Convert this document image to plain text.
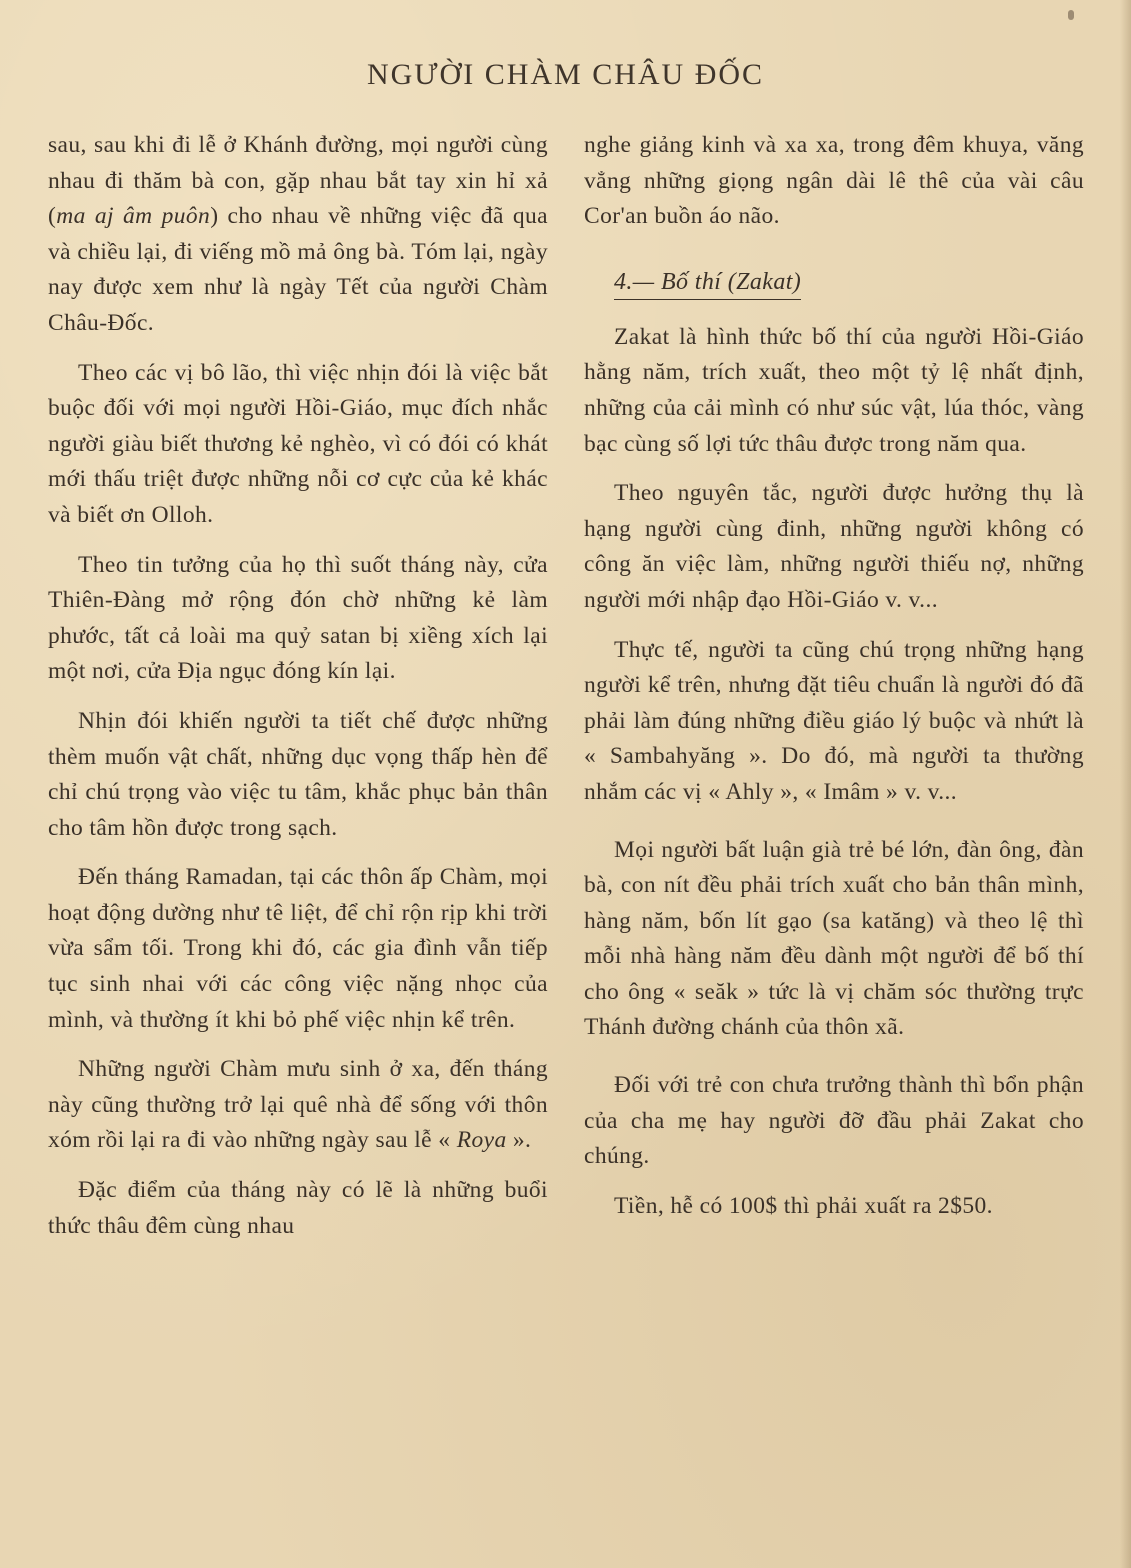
NGƯỜI CHÀM CHÂU ĐỐC

sau, sau khi đi lễ ở Khánh đường, mọi người cùng nhau đi thăm bà con, gặp nhau bắt tay xin hỉ xả (ma aj âm puôn) cho nhau về những việc đã qua và chiều lại, đi viếng mồ mả ông bà. Tóm lại, ngày nay được xem như là ngày Tết của người Chàm Châu-Đốc.

Theo các vị bô lão, thì việc nhịn đói là việc bắt buộc đối với mọi người Hồi-Giáo, mục đích nhắc người giàu biết thương kẻ nghèo, vì có đói có khát mới thấu triệt được những nỗi cơ cực của kẻ khác và biết ơn Olloh.

Theo tin tưởng của họ thì suốt tháng này, cửa Thiên-Đàng mở rộng đón chờ những kẻ làm phước, tất cả loài ma quỷ satan bị xiềng xích lại một nơi, cửa Địa ngục đóng kín lại.

Nhịn đói khiến người ta tiết chế được những thèm muốn vật chất, những dục vọng thấp hèn để chỉ chú trọng vào việc tu tâm, khắc phục bản thân cho tâm hồn được trong sạch.

Đến tháng Ramadan, tại các thôn ấp Chàm, mọi hoạt động dường như tê liệt, để chỉ rộn rịp khi trời vừa sẩm tối. Trong khi đó, các gia đình vẫn tiếp tục sinh nhai với các công việc nặng nhọc của mình, và thường ít khi bỏ phế việc nhịn kể trên.

Những người Chàm mưu sinh ở xa, đến tháng này cũng thường trở lại quê nhà để sống với thôn xóm rồi lại ra đi vào những ngày sau lễ « Roya ».

Đặc điểm của tháng này có lẽ là những buổi thức thâu đêm cùng nhau

nghe giảng kinh và xa xa, trong đêm khuya, văng vẳng những giọng ngân dài lê thê của vài câu Cor'an buồn áo não.

4.— Bố thí (Zakat)

Zakat là hình thức bố thí của người Hồi-Giáo hằng năm, trích xuất, theo một tỷ lệ nhất định, những của cải mình có như súc vật, lúa thóc, vàng bạc cùng số lợi tức thâu được trong năm qua.

Theo nguyên tắc, người được hưởng thụ là hạng người cùng đinh, những người không có công ăn việc làm, những người thiếu nợ, những người mới nhập đạo Hồi-Giáo v. v...

Thực tế, người ta cũng chú trọng những hạng người kể trên, nhưng đặt tiêu chuẩn là người đó đã phải làm đúng những điều giáo lý buộc và nhứt là « Sambahyăng ». Do đó, mà người ta thường nhắm các vị « Ahly », « Imâm » v. v...

Mọi người bất luận già trẻ bé lớn, đàn ông, đàn bà, con nít đều phải trích xuất cho bản thân mình, hàng năm, bốn lít gạo (sa katăng) và theo lệ thì mỗi nhà hàng năm đều dành một người để bố thí cho ông « seăk » tức là vị chăm sóc thường trực Thánh đường chánh của thôn xã.

Đối với trẻ con chưa trưởng thành thì bổn phận của cha mẹ hay người đỡ đầu phải Zakat cho chúng.

Tiền, hễ có 100$ thì phải xuất ra 2$50.
